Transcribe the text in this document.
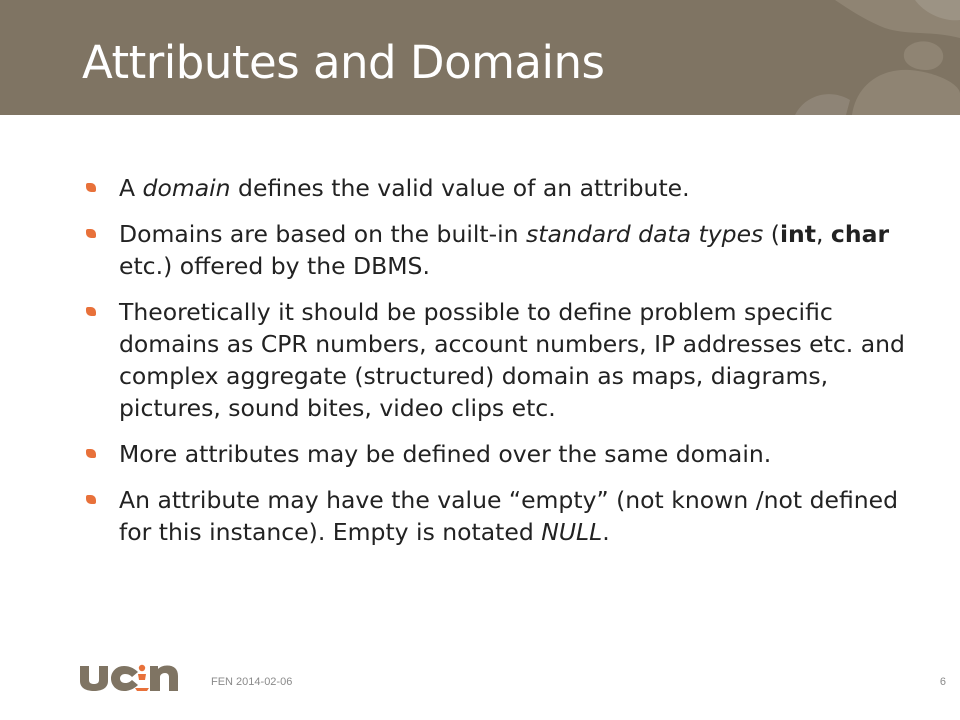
Attributes and Domains
A domain defines the valid value of an attribute.
Domains are based on the built-in standard data types (int, char etc.) offered by the DBMS.
Theoretically it should be possible to define problem specific domains as CPR numbers, account numbers, IP addresses etc. and complex aggregate (structured) domain as maps, diagrams, pictures, sound bites, video clips etc.
More attributes may be defined over the same domain.
An attribute may have the value “empty” (not known /not defined for this instance). Empty is notated NULL.
FEN 2014-02-06	6
